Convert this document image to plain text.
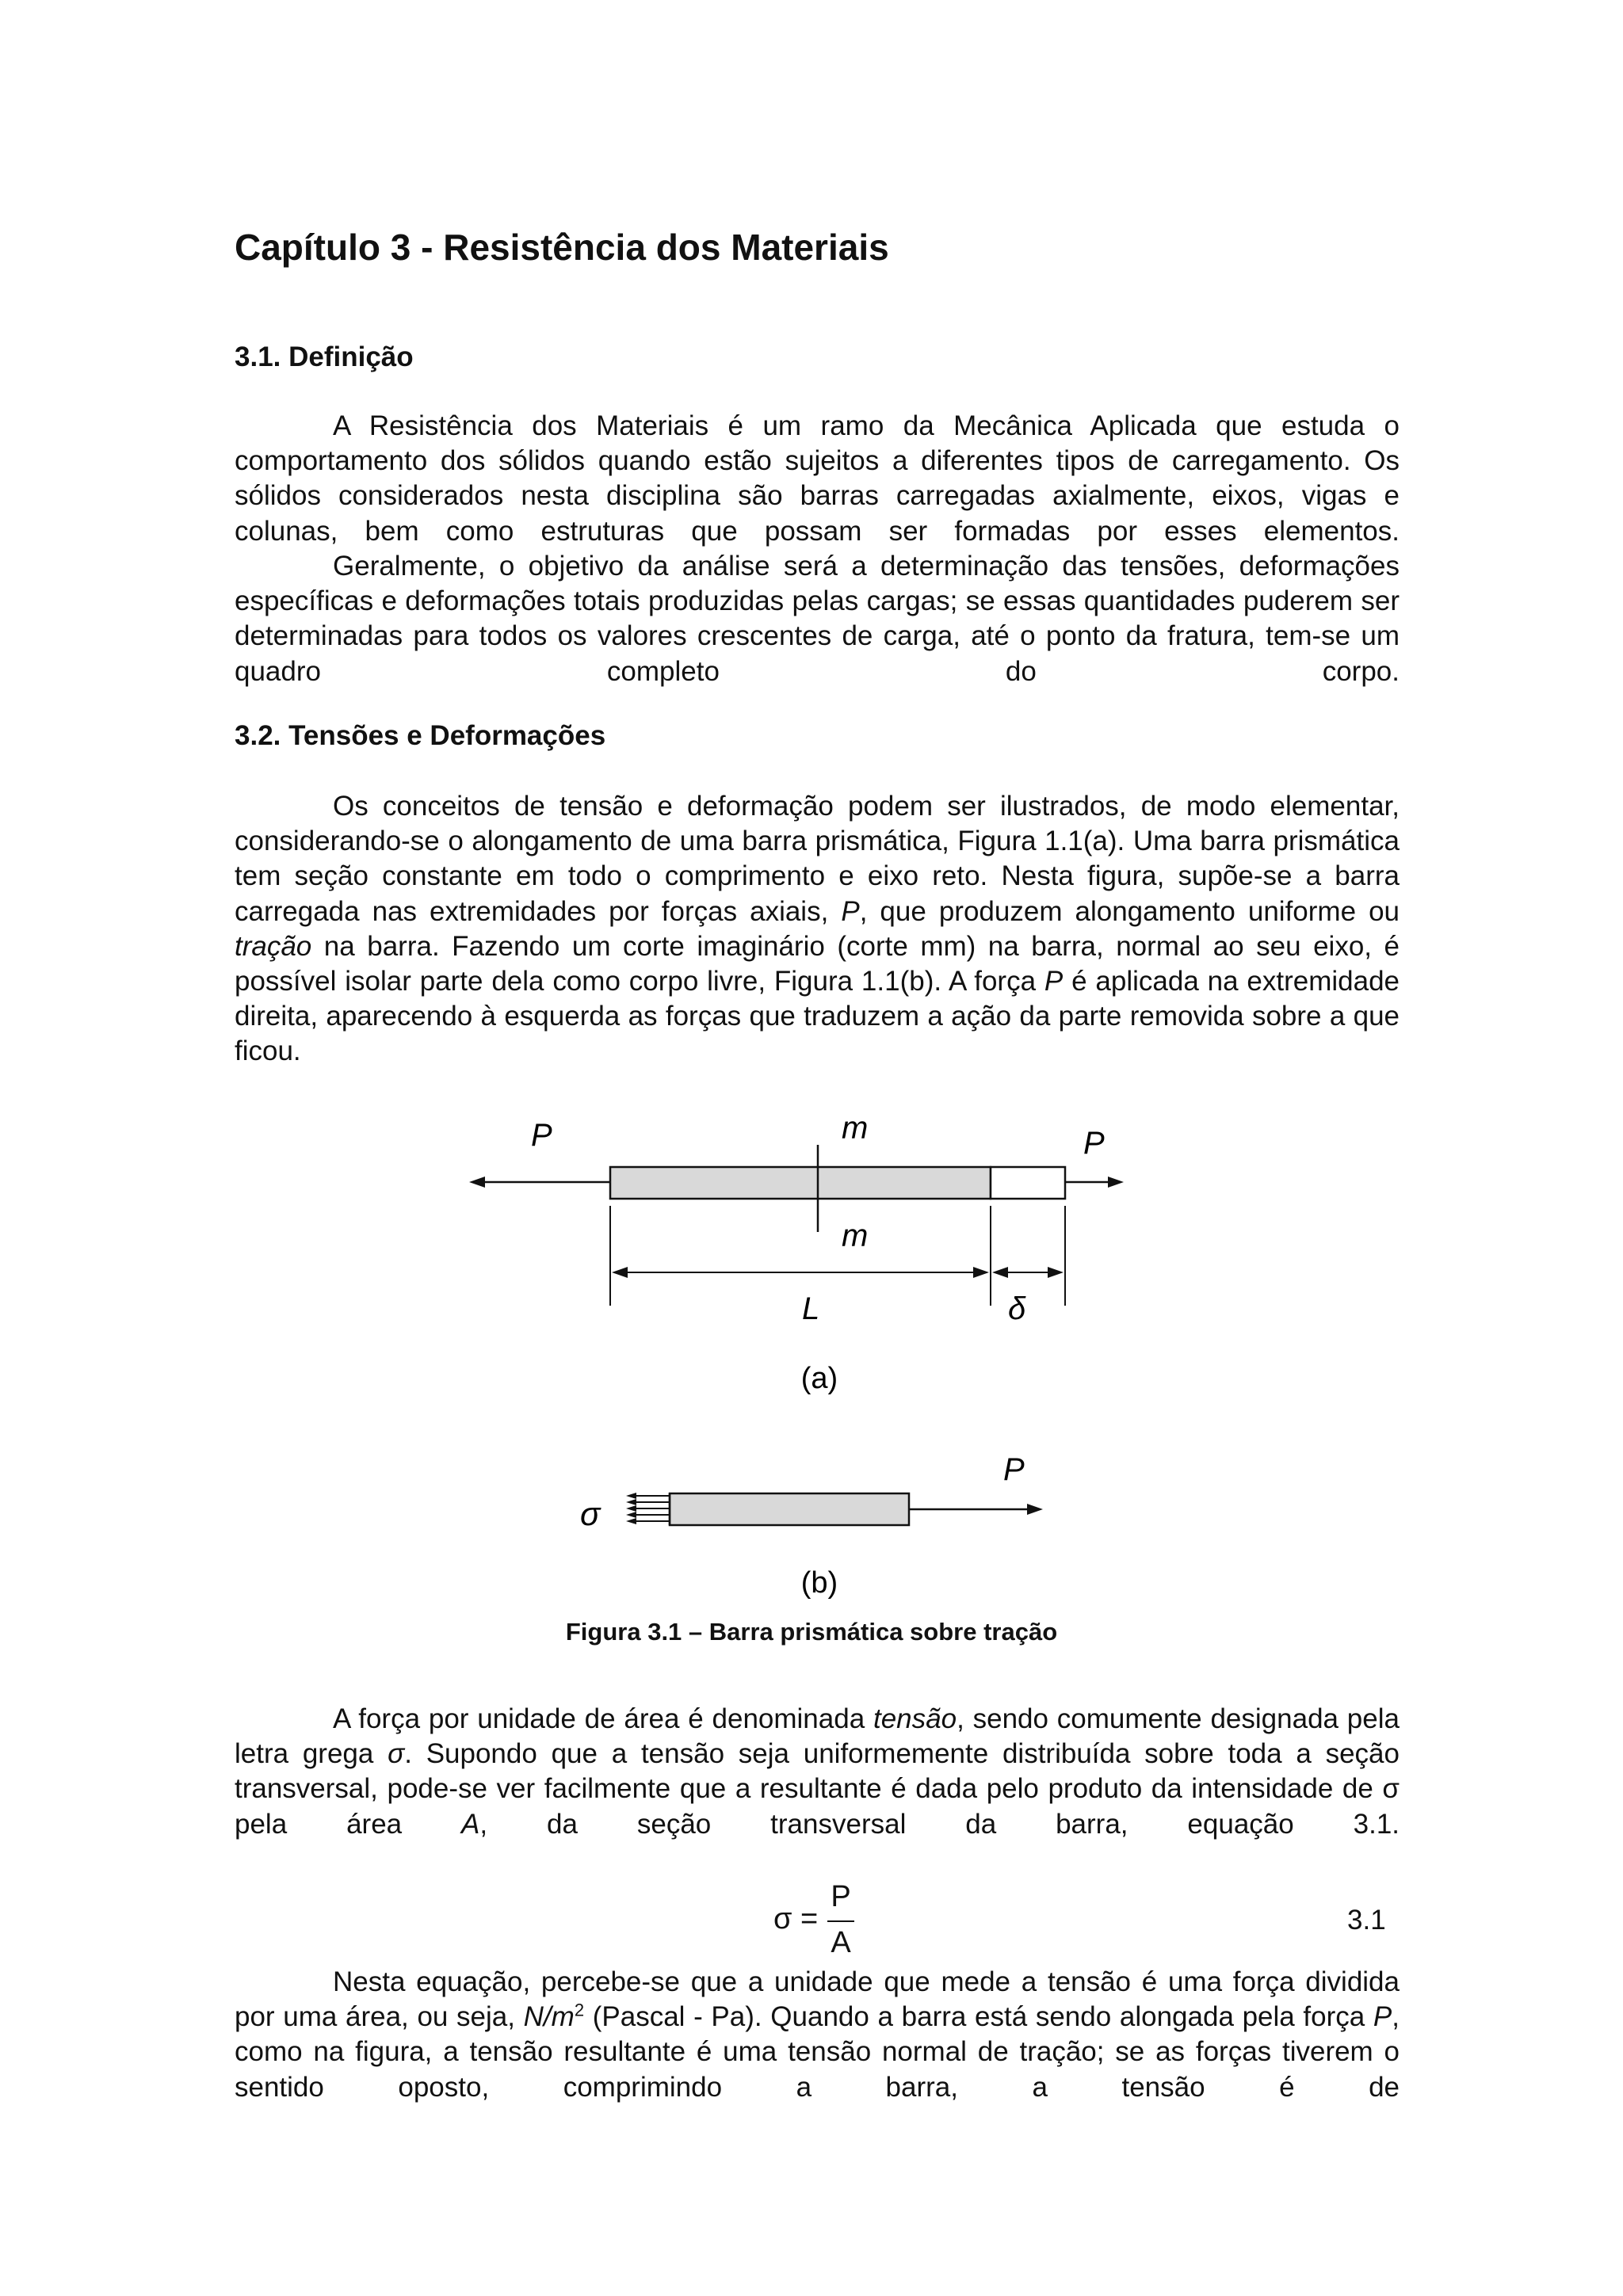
Capítulo 3 - Resistência dos Materiais
3.1. Definição

A Resistência dos Materiais é um ramo da Mecânica Aplicada que estuda o comportamento dos sólidos quando estão sujeitos a diferentes tipos de carregamento. Os sólidos considerados nesta disciplina são barras carregadas axialmente, eixos, vigas e colunas, bem como estruturas que possam ser formadas por esses elementos.

Geralmente, o objetivo da análise será a determinação das tensões, deformações específicas e deformações totais produzidas pelas cargas; se essas quantidades puderem ser determinadas para todos os valores crescentes de carga, até o ponto da fratura, tem-se um quadro completo do corpo.

3.2. Tensões e Deformações

Os conceitos de tensão e deformação podem ser ilustrados, de modo elementar, considerando-se o alongamento de uma barra prismática, Figura 1.1(a). Uma barra prismática tem seção constante em todo o comprimento e eixo reto. Nesta figura, supõe-se a barra carregada nas extremidades por forças axiais, P, que produzem alongamento uniforme ou tração na barra. Fazendo um corte imaginário (corte mm) na barra, normal ao seu eixo, é possível isolar parte dela como corpo livre, Figura 1.1(b). A força P é aplicada na extremidade direita, aparecendo à esquerda as forças que traduzem a ação da parte removida sobre a que ficou.

P	P
m
m
L	δ
(a)
P
σ
(b)

Figura 3.1 – Barra prismática sobre tração

A força por unidade de área é denominada tensão, sendo comumente designada pela letra grega σ. Supondo que a tensão seja uniformemente distribuída sobre toda a seção transversal, pode-se ver facilmente que a resultante é dada pelo produto da intensidade de σ pela área A, da seção transversal da barra, equação 3.1.

σ =
P
A
3.1

Nesta equação, percebe-se que a unidade que mede a tensão é uma força dividida por uma área, ou seja, $N/m^2$ (Pascal - Pa). Quando a barra está sendo alongada pela força P, como na figura, a tensão resultante é uma tensão normal de tração; se as forças tiverem o sentido oposto, comprimindo a barra, a tensão é de
